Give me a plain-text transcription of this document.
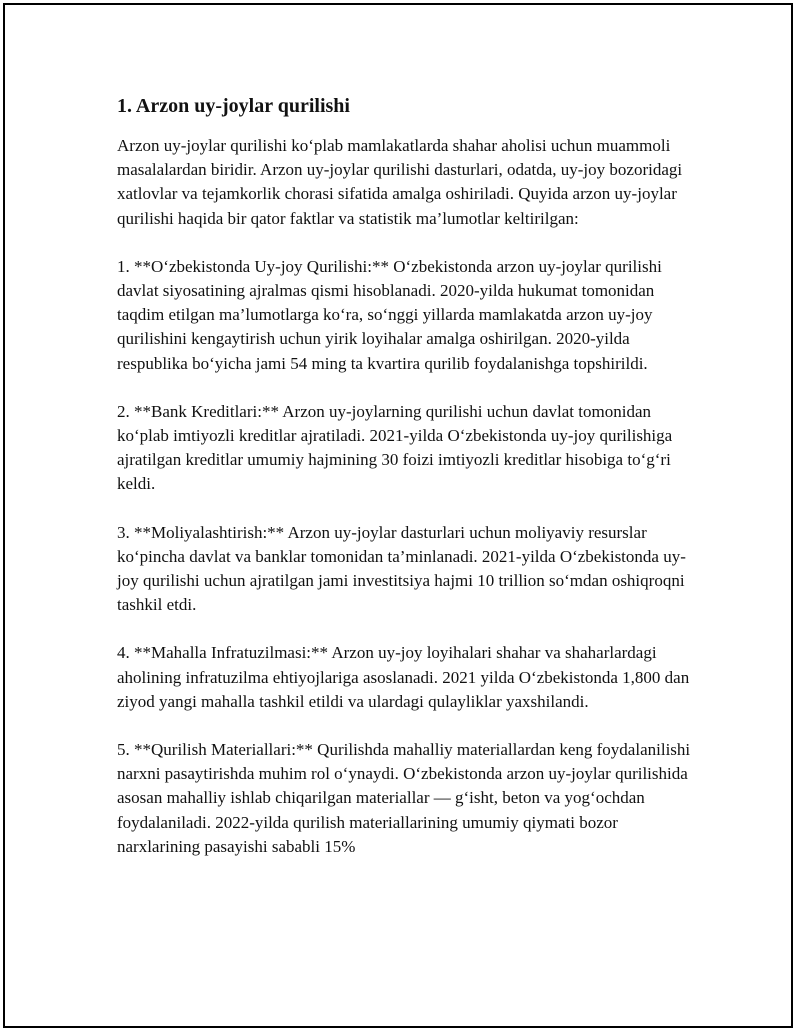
1. Arzon uy-joylar qurilishi

Arzon uy-joylar qurilishi ko‘plab mamlakatlarda shahar aholisi uchun muammoli masalalardan biridir. Arzon uy-joylar qurilishi dasturlari, odatda, uy-joy bozoridagi xatlovlar va tejamkorlik chorasi sifatida amalga oshiriladi. Quyida arzon uy-joylar qurilishi haqida bir qator faktlar va statistik ma’lumotlar keltirilgan:

1. **O‘zbekistonda Uy-joy Qurilishi:** O‘zbekistonda arzon uy-joylar qurilishi davlat siyosatining ajralmas qismi hisoblanadi. 2020-yilda hukumat tomonidan taqdim etilgan ma’lumotlarga ko‘ra, so‘nggi yillarda mamlakatda arzon uy-joy qurilishini kengaytirish uchun yirik loyihalar amalga oshirilgan. 2020-yilda respublika bo‘yicha jami 54 ming ta kvartira qurilib foydalanishga topshirildi.

2. **Bank Kreditlari:** Arzon uy-joylarning qurilishi uchun davlat tomonidan ko‘plab imtiyozli kreditlar ajratiladi. 2021-yilda O‘zbekistonda uy-joy qurilishiga ajratilgan kreditlar umumiy hajmining 30 foizi imtiyozli kreditlar hisobiga to‘g‘ri keldi.

3. **Moliyalashtirish:** Arzon uy-joylar dasturlari uchun moliyaviy resurslar ko‘pincha davlat va banklar tomonidan ta’minlanadi. 2021-yilda O‘zbekistonda uy-joy qurilishi uchun ajratilgan jami investitsiya hajmi 10 trillion so‘mdan oshiqroqni tashkil etdi.

4. **Mahalla Infratuzilmasi:** Arzon uy-joy loyihalari shahar va shaharlardagi aholining infratuzilma ehtiyojlariga asoslanadi. 2021 yilda O‘zbekistonda 1,800 dan ziyod yangi mahalla tashkil etildi va ulardagi qulayliklar yaxshilandi.

5. **Qurilish Materiallari:** Qurilishda mahalliy materiallardan keng foydalanilishi narxni pasaytirishda muhim rol o‘ynaydi. O‘zbekistonda arzon uy-joylar qurilishida asosan mahalliy ishlab chiqarilgan materiallar — g‘isht, beton va yog‘ochdan foydalaniladi. 2022-yilda qurilish materiallarining umumiy qiymati bozor narxlarining pasayishi sababli 15%
